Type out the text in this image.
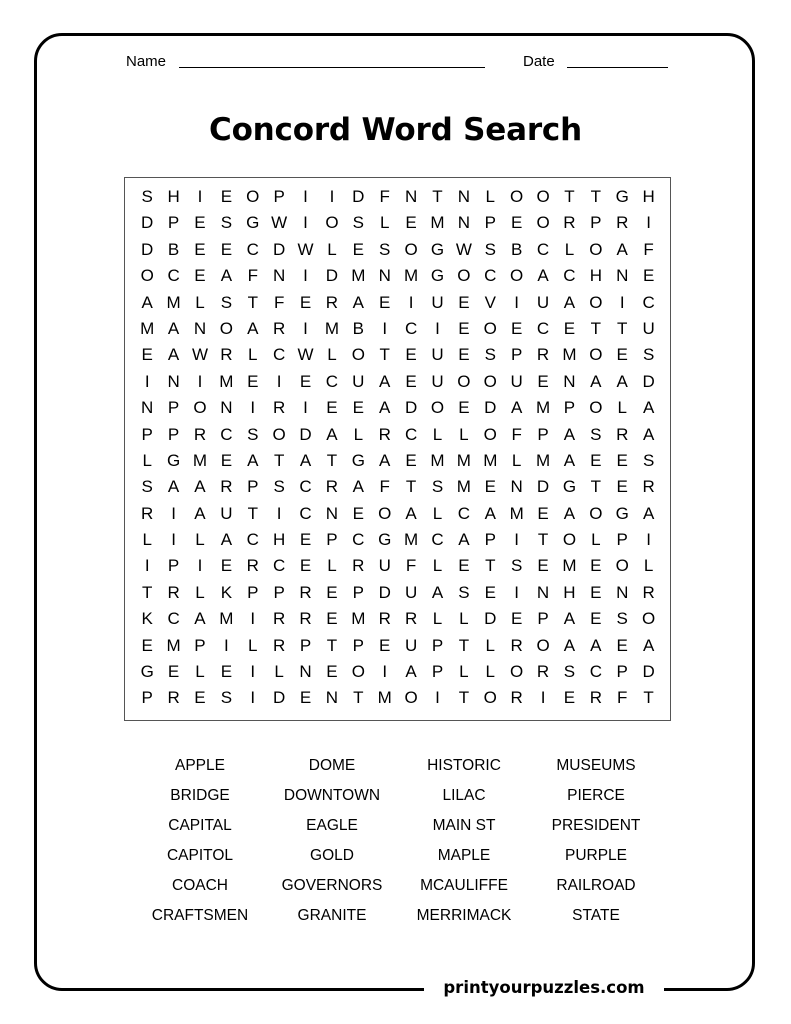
Name	Date
Concord Word Search
S H	I	E O P	I	I	D F N T N L O O T T G H
D P E S G W I	O S L E M N P E O R P R	I
D B E E C D W L E S O G W S B C L O A F
O C E A F N	I	D M N M G O C O A C H N E
A M L S T F E R A E	I	U E V	I	U A O	I	C
M A N O A R	I M B	I	C	I	E O E C E T T U
E A W R L C W L O T E U E S P R M O E S
I	N	I M E	I	E C U A E U O O U E N A A D
N P O N	I	R	I	E E A D O E D A M P O L A
P P R C S O D A L R C L L O F P A S R A
L G M E A T A T G A E M M M L M A E E S
S A A R P S C R A F T S M E N D G T E R
R	I	A U T	I	C N E O A L C A M E A O G A
L	I	L A C H E P C G M C A P	I	T O L P	I
I	P	I	E R C E L R U F L E T S E M E O L
T R L K P P R E P D U A S E	I	N H E N R
K C A M I	R R E M R R L L D E P A E S O
E M P	I	L R P T P E U P T L R O A A E A
G E L E	I	L N E O	I	A P L L O R S C P D
P R E S	I	D E N T M O	I	T O R	I	E R F T
APPLE	DOME	HISTORIC	MUSEUMS
BRIDGE	DOWNTOWN	LILAC	PIERCE
CAPITAL	EAGLE	MAIN ST	PRESIDENT
CAPITOL	GOLD	MAPLE	PURPLE
COACH	GOVERNORS	MCAULIFFE	RAILROAD
CRAFTSMEN	GRANITE	MERRIMACK	STATE
printyourpuzzles.com
